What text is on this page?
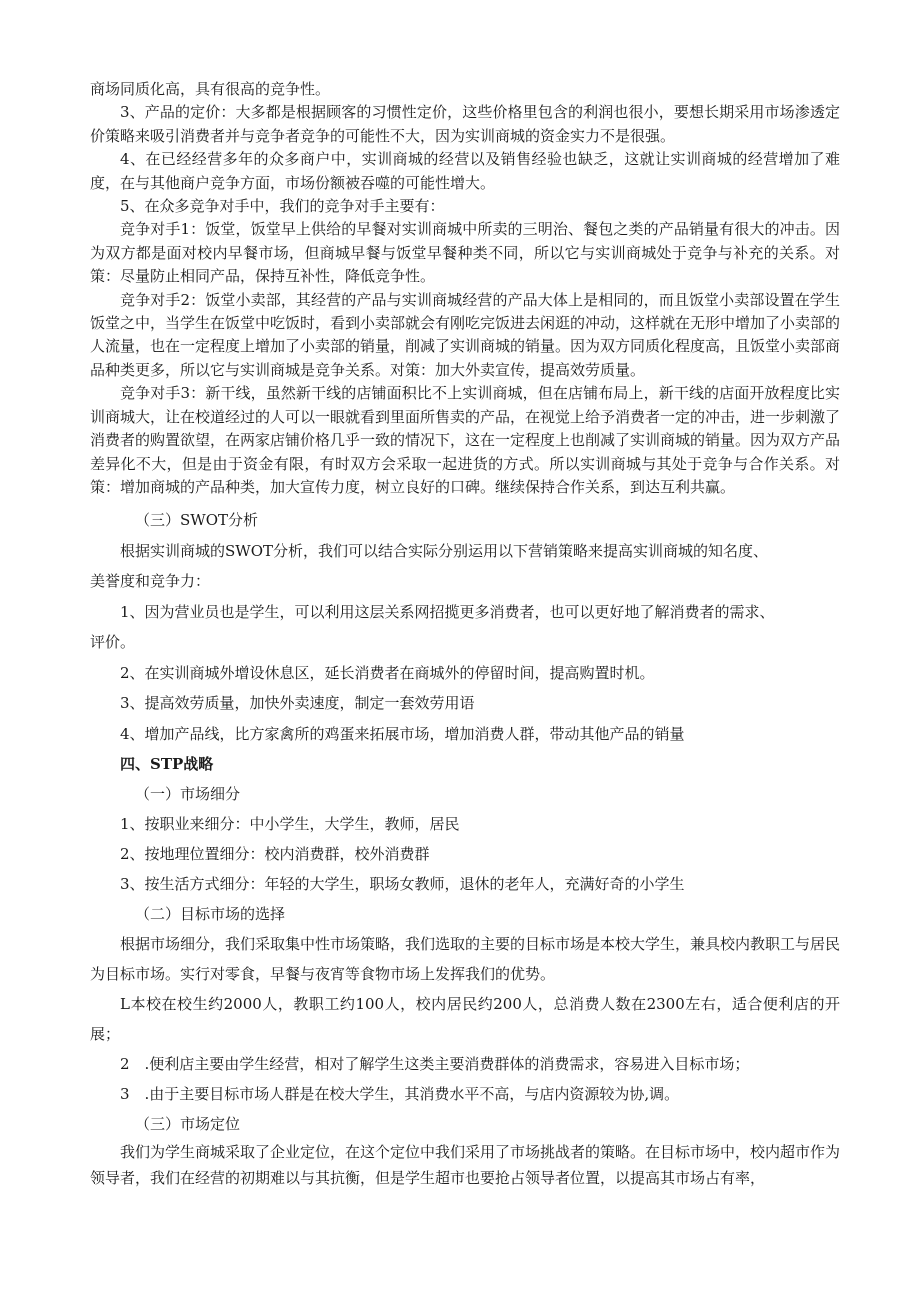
商场同质化高，具有很高的竞争性。

3、产品的定价：大多都是根据顾客的习惯性定价，这些价格里包含的利润也很小，要想长期采用市场渗透定价策略来吸引消费者并与竞争者竞争的可能性不大，因为实训商城的资金实力不是很强。

4、在已经经营多年的众多商户中，实训商城的经营以及销售经验也缺乏，这就让实训商城的经营增加了难度，在与其他商户竞争方面，市场份额被吞噬的可能性增大。

5、在众多竞争对手中，我们的竞争对手主要有：

竞争对手1：饭堂，饭堂早上供给的早餐对实训商城中所卖的三明治、餐包之类的产品销量有很大的冲击。因为双方都是面对校内早餐市场，但商城早餐与饭堂早餐种类不同，所以它与实训商城处于竞争与补充的关系。对策：尽量防止相同产品，保持互补性，降低竞争性。

竞争对手2：饭堂小卖部，其经营的产品与实训商城经营的产品大体上是相同的，而且饭堂小卖部设置在学生饭堂之中，当学生在饭堂中吃饭时，看到小卖部就会有刚吃完饭进去闲逛的冲动，这样就在无形中增加了小卖部的人流量，也在一定程度上增加了小卖部的销量，削减了实训商城的销量。因为双方同质化程度高，且饭堂小卖部商品种类更多，所以它与实训商城是竞争关系。对策：加大外卖宣传，提高效劳质量。

竞争对手3：新干线，虽然新干线的店铺面积比不上实训商城，但在店铺布局上，新干线的店面开放程度比实训商城大，让在校道经过的人可以一眼就看到里面所售卖的产品，在视觉上给予消费者一定的冲击，进一步刺激了消费者的购置欲望，在两家店铺价格几乎一致的情况下，这在一定程度上也削减了实训商城的销量。因为双方产品差异化不大，但是由于资金有限，有时双方会采取一起进货的方式。所以实训商城与其处于竞争与合作关系。对策：增加商城的产品种类，加大宣传力度，树立良好的口碑。继续保持合作关系，到达互利共赢。

（三）SWOT分析

根据实训商城的SWOT分析，我们可以结合实际分别运用以下营销策略来提高实训商城的知名度、

美誉度和竞争力：

1、因为营业员也是学生，可以利用这层关系网招揽更多消费者，也可以更好地了解消费者的需求、

评价。

2、在实训商城外增设休息区，延长消费者在商城外的停留时间，提高购置时机。

3、提高效劳质量，加快外卖速度，制定一套效劳用语

4、增加产品线，比方家禽所的鸡蛋来拓展市场，增加消费人群，带动其他产品的销量

四、STP战略

（一）市场细分

1、按职业来细分：中小学生，大学生，教师，居民

2、按地理位置细分：校内消费群，校外消费群

3、按生活方式细分：年轻的大学生，职场女教师，退休的老年人，充满好奇的小学生

（二）目标市场的选择

根据市场细分，我们采取集中性市场策略，我们选取的主要的目标市场是本校大学生，兼具校内教职工与居民为目标市场。实行对零食，早餐与夜宵等食物市场上发挥我们的优势。

L本校在校生约2000人，教职工约100人，校内居民约200人，总消费人数在2300左右，适合便利店的开展；

2　.便利店主要由学生经营，相对了解学生这类主要消费群体的消费需求，容易进入目标市场；

3　.由于主要目标市场人群是在校大学生，其消费水平不高，与店内资源较为协,调。

（三）市场定位

我们为学生商城采取了企业定位，在这个定位中我们采用了市场挑战者的策略。在目标市场中，校内超市作为领导者，我们在经营的初期难以与其抗衡，但是学生超市也要抢占领导者位置，以提高其市场占有率，
